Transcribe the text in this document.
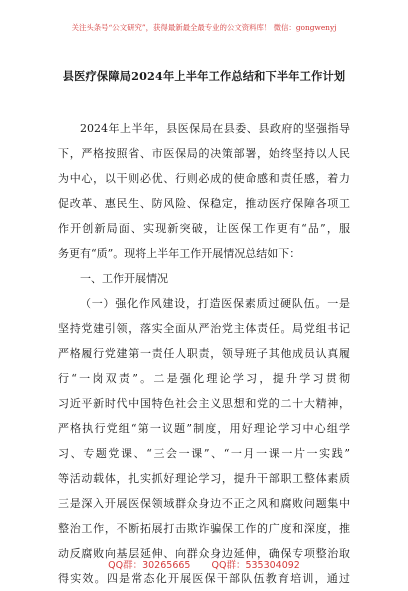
关注头条号“公文研究”，获得最新最全最专业的公文资料库！ 微信：gongwenyj
县医疗保障局2024年上半年工作总结和下半年工作计划
2024年上半年，县医保局在县委、县政府的坚强指导
下，严格按照省、市医保局的决策部署，始终坚持以人民
为中心，以干则必优、行则必成的使命感和责任感，着力
促改革、惠民生、防风险、保稳定，推动医疗保障各项工
作开创新局面、实现新突破，让医保工作更有“品”，服
务更有“质”。现将上半年工作开展情况总结如下：
一、工作开展情况
（一）强化作风建设，打造医保素质过硬队伍。一是
坚持党建引领，落实全面从严治党主体责任。局党组书记
严格履行党建第一责任人职责，领导班子其他成员认真履
行“一岗双责”。二是强化理论学习，提升学习贯彻
习近平新时代中国特色社会主义思想和党的二十大精神，
严格执行党组“第一议题”制度，用好理论学习中心组学
习、专题党课、“三会一课”、“一月一课一片一实践”
等活动载体，扎实抓好理论学习，提升干部职工整体素质
三是深入开展医保领域群众身边不正之风和腐败问题集中
整治工作，不断拓展打击欺诈骗保工作的广度和深度，推
动反腐败向基层延伸、向群众身边延伸，确保专项整治取
得实效。四是常态化开展医保干部队伍教育培训，通过
QQ群：30265665 QQ群：535304092
